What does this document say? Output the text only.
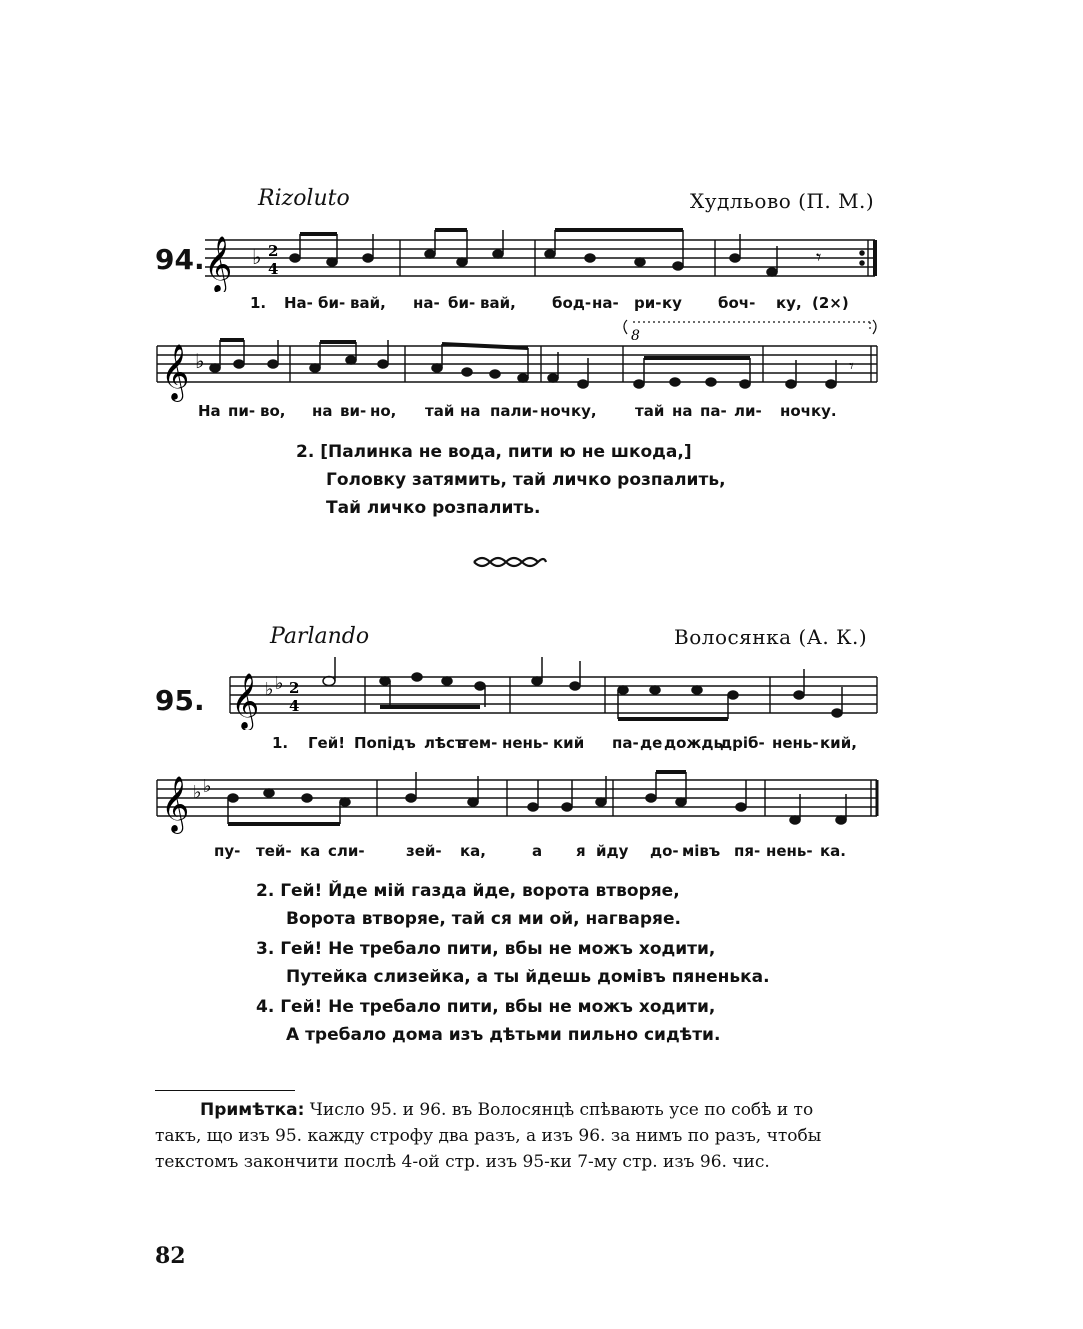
Rizoluto	Худльово (П. М.)
94. 𝄞 ♭ 2
4	𝄾
1. На- би- вай, на- би- вай, бод- на- ри- ку боч- ку, (2×)
8
𝄞 ♭	𝄾
На пи- во, на ви- но, тай на пали- ночку,	тай на па- ли- ночку.
2. [Палинка не вода, пити ю не шкода,]
Головку затямить, тай личко розпалить,
Тай личко розпалить.
Parlando	Волосянка (А. К.)
95. 𝄞 ♭ ♭ 2
4
1. Гей! Попідъ лѣсъ
тем- нень- кий па- де дождь
дріб- нень- кий,
𝄞 ♭ ♭
пу- тей- ка сли-	зей- ка,	а я йду до- мівъ пя- нень- ка.
2. Гей! Йде мій газда йде, ворота втворяе,
Ворота втворяе, тай ся ми ой, нагваряе.
3. Гей! Не требало пити, вбы не можъ ходити,
Путейка слизейка, а ты йдешь домівъ пяненька.
4. Гей! Не требало пити, вбы не можъ ходити,
А требало дома изъ дѣтьми пильно сидѣти.
Примѣтка: Число 95. и 96. въ Волосянцѣ спѣвають усе по собѣ и то такъ, що изъ 95. кажду строфу два разъ, а изъ 96. за нимъ по разъ, чтобы текстомъ закончити послѣ 4-ой стр. изъ 95-ки 7-му стр. изъ 96. чис.
82
